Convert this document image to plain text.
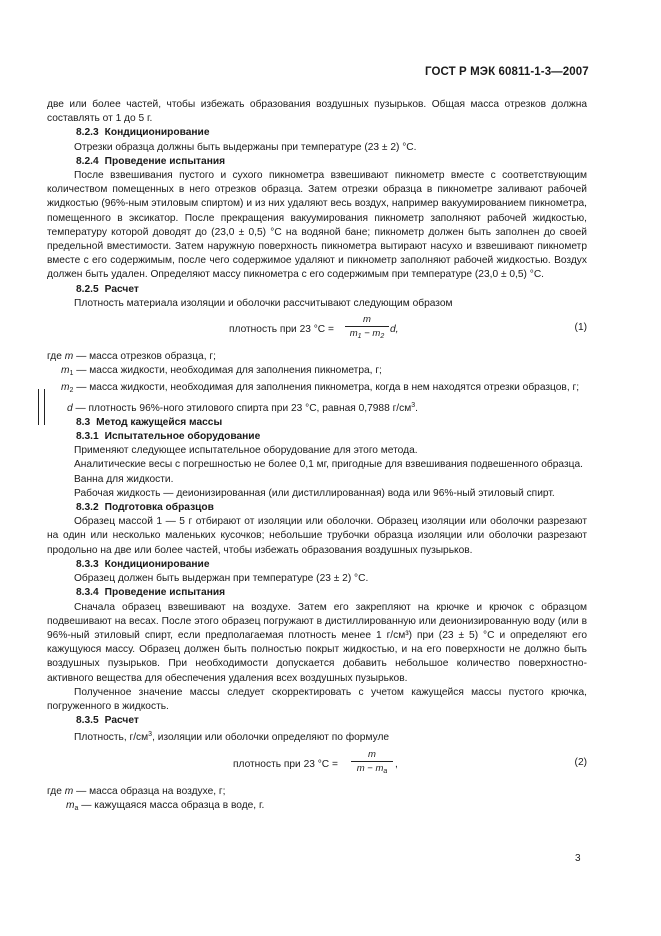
ГОСТ Р МЭК 60811-1-3—2007

две или более частей, чтобы избежать образования воздушных пузырьков. Общая масса отрезков должна составлять от 1 до 5 г.

8.2.3 Кондиционирование

Отрезки образца должны быть выдержаны при температуре (23 ± 2) °С.

8.2.4 Проведение испытания

После взвешивания пустого и сухого пикнометра взвешивают пикнометр вместе с соответствующим количеством помещенных в него отрезков образца. Затем отрезки образца в пикнометре заливают рабочей жидкостью (96%-ным этиловым спиртом) и из них удаляют весь воздух, например вакуумированием пикнометра, помещенного в эксикатор. После прекращения вакуумирования пикнометр заполняют рабочей жидкостью, температуру которой доводят до (23,0 ± 0,5) °С на водяной бане; пикнометр должен быть заполнен до своей предельной вместимости. Затем наружную поверхность пикнометра вытирают насухо и взвешивают пикнометр вместе с его содержимым, после чего содержимое удаляют и пикнометр заполняют рабочей жидкостью. Воздух должен быть удален. Определяют массу пикнометра с его содержимым при температуре (23,0 ± 0,5) °С.

8.2.5 Расчет

Плотность материала изоляции и оболочки рассчитывают следующим образом

плотность при 23 °С =
m
$m_1 - m_2$
d,	(1)

где m — масса отрезков образца, г;

$m_1$ — масса жидкости, необходимая для заполнения пикнометра, г;

$m_2$ — масса жидкости, необходимая для заполнения пикнометра, когда в нем находятся отрезки образцов, г;

d — плотность 96%-ного этилового спирта при 23 °С, равная 0,7988 $г/см^3$.

8.3 Метод кажущейся массы

8.3.1 Испытательное оборудование

Применяют следующее испытательное оборудование для этого метода.

Аналитические весы с погрешностью не более 0,1 мг, пригодные для взвешивания подвешенного образца.

Ванна для жидкости.

Рабочая жидкость — деионизированная (или дистиллированная) вода или 96%-ный этиловый спирт.

8.3.2 Подготовка образцов

Образец массой 1 — 5 г отбирают от изоляции или оболочки. Образец изоляции или оболочки разрезают на один или несколько маленьких кусочков; небольшие трубочки образца изоляции или оболочки разрезают продольно на две или более частей, чтобы избежать образования воздушных пузырьков.

8.3.3 Кондиционирование

Образец должен быть выдержан при температуре (23 ± 2) °С.

8.3.4 Проведение испытания

Сначала образец взвешивают на воздухе. Затем его закрепляют на крючке и крючок с образцом подвешивают на весах. После этого образец погружают в дистиллированную или деионизированную воду (или в 96%-ный этиловый спирт, если предполагаемая плотность менее 1 г/см³) при (23 ± 5) °С и определяют его кажущуюся массу. Образец должен быть полностью покрыт жидкостью, и на его поверхности не должно быть воздушных пузырьков. При необходимости допускается добавить небольшое количество поверхностно-активного вещества для обеспечения удаления всех воздушных пузырьков.

Полученное значение массы следует скорректировать с учетом кажущейся массы пустого крючка, погруженного в жидкость.

8.3.5 Расчет

Плотность, $г/см^3$, изоляции или оболочки определяют по формуле

плотность при 23 °С =
m
$m - m_a$
,	(2)

где m — масса образца на воздухе, г;

$m_a$ — кажущаяся масса образца в воде, г.

3
